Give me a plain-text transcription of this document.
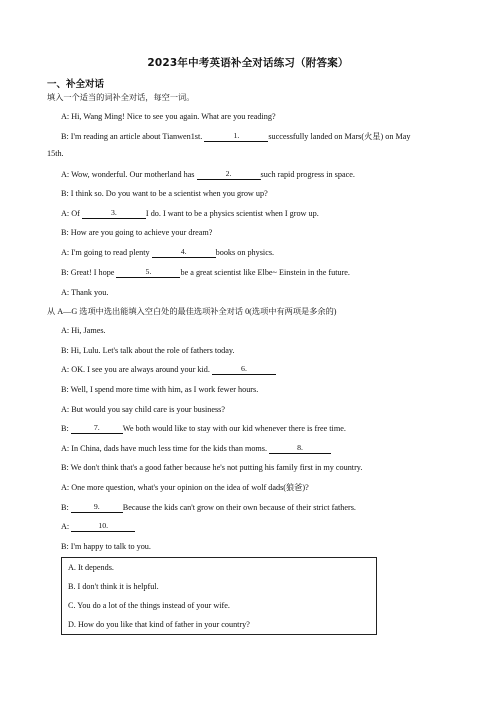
2023年中考英语补全对话练习（附答案）
一、补全对话
填入一个适当的词补全对话，每空一词。
A: Hi, Wang Ming! Nice to see you again. What are you reading?
B: I'm reading an article about Tianwen1st.	1.	successfully landed on Mars(火星) on May
15th.
A: Wow, wonderful. Our motherland has	2.	such rapid progress in space.
B: I think so. Do you want to be a scientist when you grow up?
A: Of	3.	I do. I want to be a physics scientist when I grow up.
B: How are you going to achieve your dream?
A: I'm going to read plenty	4.	books on physics.
B: Great! I hope	5.	be a great scientist like Elbe~ Einstein in the future.
A: Thank you.
从 A—G 选项中选出能填入空白处的最佳选项补全对话 0(选项中有两项是多余的)
A: Hi, James.
B: Hi, Lulu. Let's talk about the role of fathers today.
A: OK. I see you are always around your kid.	6.
B: Well, I spend more time with him, as I work fewer hours.
A: But would you say child care is your business?
B:	7.	We both would like to stay with our kid whenever there is free time.
A: In China, dads have much less time for the kids than moms.	8.
B: We don't think that's a good father because he's not putting his family first in my country.
A: One more question, what's your opinion on the idea of wolf dads(狼爸)?
B:	9.	Because the kids can't grow on their own because of their strict fathers.
A:	10.
B: I'm happy to talk to you.
A. It depends.
B. I don't think it is helpful.
C. You do a lot of the things instead of your wife.
D. How do you like that kind of father in your country?
